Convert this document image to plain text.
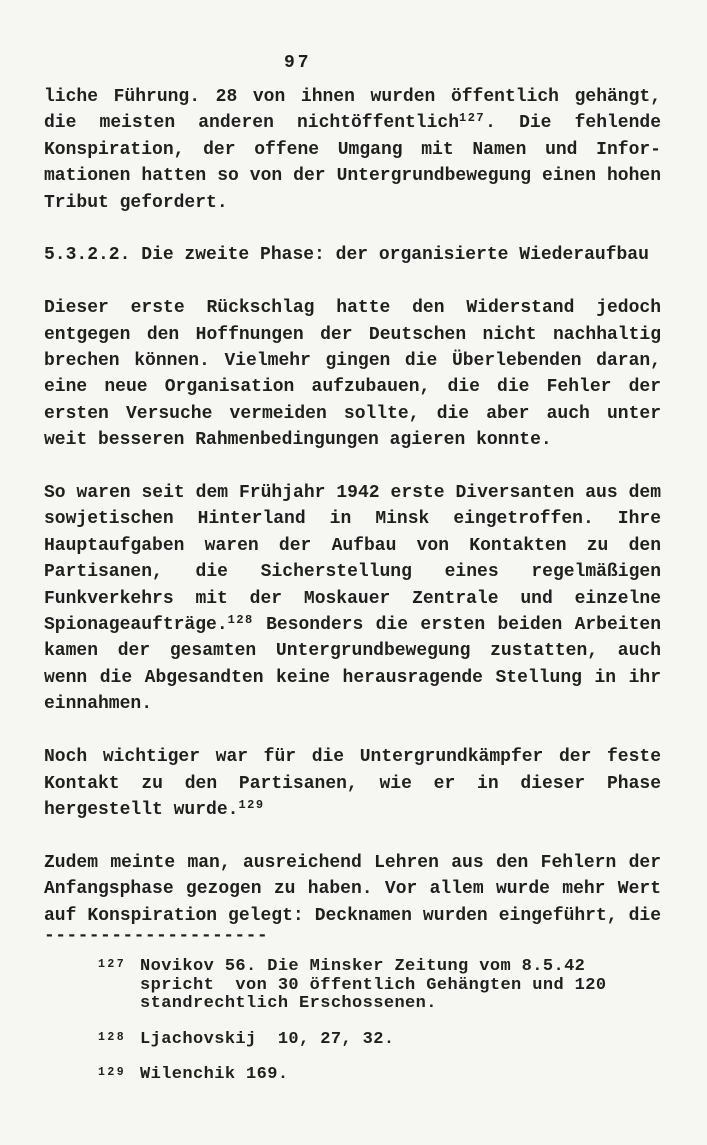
97
liche Führung. 28 von ihnen wurden öffentlich gehängt,
die meisten anderen nichtöffentlich$^{127}$. Die fehlende
Konspiration, der offene Umgang mit Namen und Infor-
mationen hatten so von der Untergrundbewegung einen hohen
Tribut gefordert.
5.3.2.2. Die zweite Phase: der organisierte Wiederaufbau
Dieser erste Rückschlag hatte den Widerstand jedoch
entgegen den Hoffnungen der Deutschen nicht nachhaltig
brechen können. Vielmehr gingen die Überlebenden daran,
eine neue Organisation aufzubauen, die die Fehler der
ersten Versuche vermeiden sollte, die aber auch unter
weit besseren Rahmenbedingungen agieren konnte.
So waren seit dem Frühjahr 1942 erste Diversanten aus dem
sowjetischen Hinterland in Minsk eingetroffen. Ihre
Hauptaufgaben waren der Aufbau von Kontakten zu den
Partisanen, die Sicherstellung eines regelmäßigen
Funkverkehrs mit der Moskauer Zentrale und einzelne
Spionageaufträge.$^{128}$ Besonders die ersten beiden Arbeiten
kamen der gesamten Untergrundbewegung zustatten, auch
wenn die Abgesandten keine herausragende Stellung in ihr
einnahmen.
Noch wichtiger war für die Untergrundkämpfer der feste
Kontakt zu den Partisanen, wie er in dieser Phase
hergestellt wurde.$^{129}$
Zudem meinte man, ausreichend Lehren aus den Fehlern der
Anfangsphase gezogen zu haben. Vor allem wurde mehr Wert
auf Konspiration gelegt: Decknamen wurden eingeführt, die
--------------------
127 Novikov 56. Die Minsker Zeitung vom 8.5.42
spricht  von 30 öffentlich Gehängten und 120
standrechtlich Erschossenen.
128 Ljachovskij  10, 27, 32.
129 Wilenchik 169.
